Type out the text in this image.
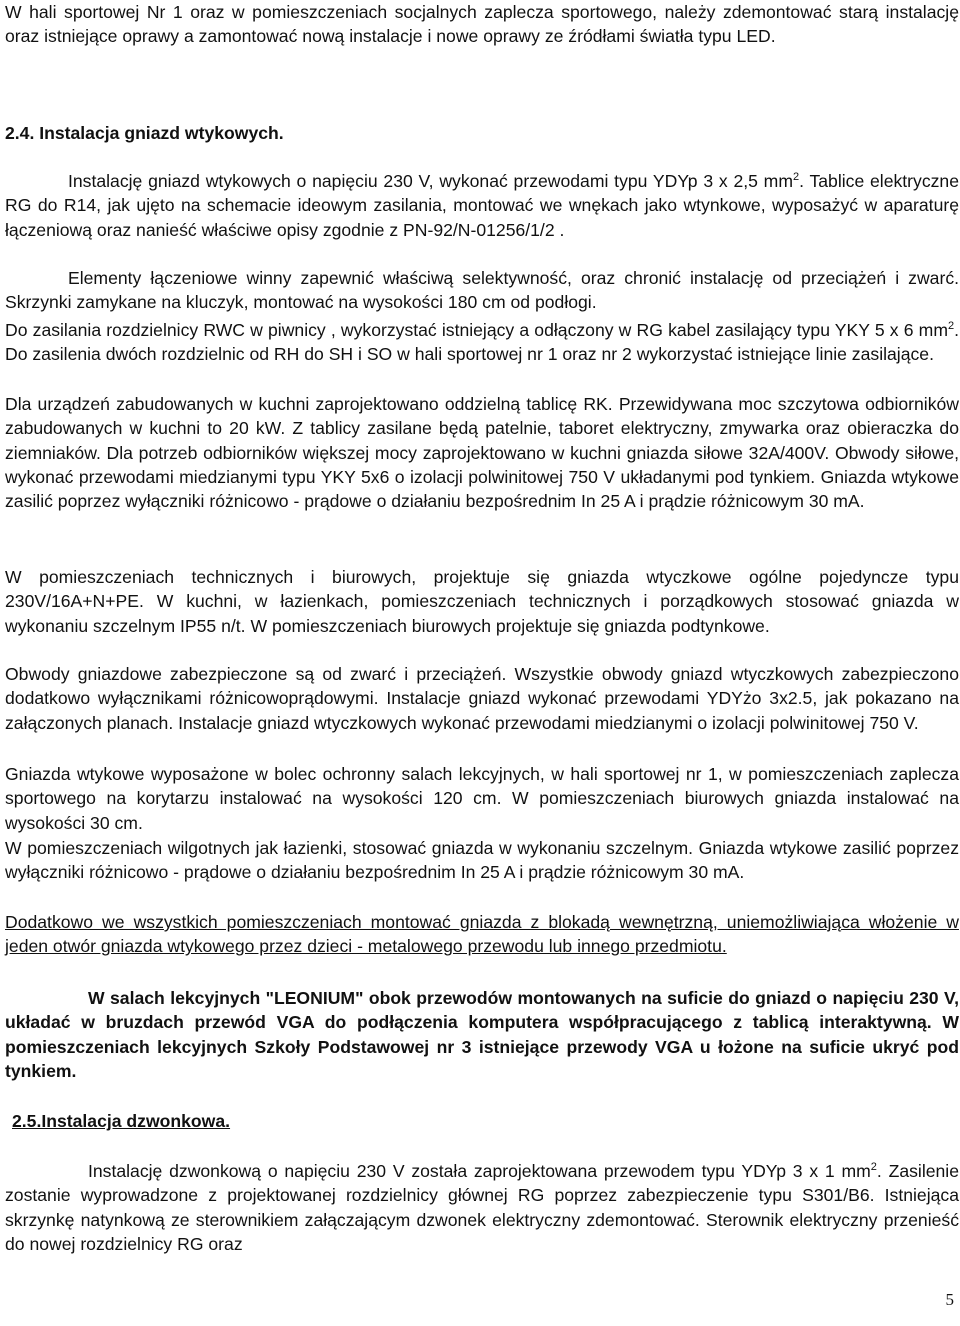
W hali sportowej Nr 1 oraz w pomieszczeniach socjalnych zaplecza sportowego, należy zdemontować starą instalację oraz istniejące oprawy a zamontować nową instalacje i nowe oprawy ze źródłami światła typu LED.

2.4. Instalacja gniazd wtykowych.

Instalację gniazd wtykowych o napięciu 230 V, wykonać przewodami typu YDYp 3 x 2,5 $mm^2$. Tablice elektryczne RG do R14, jak ujęto na schemacie ideowym zasilania, montować we wnękach jako wtynkowe, wyposażyć w aparaturę łączeniową oraz nanieść właściwe opisy zgodnie z PN-92/N-01256/1/2 .

Elementy łączeniowe winny zapewnić właściwą selektywność, oraz chronić instalację od przeciążeń i zwarć. Skrzynki zamykane na kluczyk, montować na wysokości 180 cm od podłogi.

Do zasilania rozdzielnicy RWC w piwnicy , wykorzystać istniejący a odłączony w RG kabel zasilający typu YKY 5 x 6 $mm^2$. Do zasilenia dwóch rozdzielnic od RH do SH i SO w hali sportowej nr 1 oraz nr 2 wykorzystać istniejące linie zasilające.

Dla urządzeń zabudowanych w kuchni zaprojektowano oddzielną tablicę RK. Przewidywana moc szczytowa odbiorników zabudowanych w kuchni to 20 kW. Z tablicy zasilane będą patelnie, taboret elektryczny, zmywarka oraz obieraczka do ziemniaków. Dla potrzeb odbiorników większej mocy zaprojektowano w kuchni gniazda siłowe 32A/400V. Obwody siłowe, wykonać przewodami miedzianymi typu YKY 5x6 o izolacji polwinitowej 750 V układanymi pod tynkiem. Gniazda wtykowe zasilić poprzez wyłączniki różnicowo - prądowe o działaniu bezpośrednim In 25 A i prądzie różnicowym 30 mA.

W pomieszczeniach technicznych i biurowych, projektuje się gniazda wtyczkowe ogólne pojedyncze typu 230V/16A+N+PE. W kuchni, w łazienkach, pomieszczeniach technicznych i porządkowych stosować gniazda w wykonaniu szczelnym IP55 n/t. W pomieszczeniach biurowych projektuje się gniazda podtynkowe.

Obwody gniazdowe zabezpieczone są od zwarć i przeciążeń. Wszystkie obwody gniazd wtyczkowych zabezpieczono dodatkowo wyłącznikami różnicowoprądowymi. Instalacje gniazd wykonać przewodami YDYżo 3x2.5, jak pokazano na załączonych planach. Instalacje gniazd wtyczkowych wykonać przewodami miedzianymi o izolacji polwinitowej 750 V.

Gniazda wtykowe wyposażone w bolec ochronny salach lekcyjnych, w hali sportowej nr 1, w pomieszczeniach zaplecza sportowego na korytarzu instalować na wysokości 120 cm. W pomieszczeniach biurowych gniazda instalować na wysokości 30 cm.

W pomieszczeniach wilgotnych jak łazienki, stosować gniazda w wykonaniu szczelnym. Gniazda wtykowe zasilić poprzez wyłączniki różnicowo - prądowe o działaniu bezpośrednim In 25 A i prądzie różnicowym 30 mA.

Dodatkowo we wszystkich pomieszczeniach montować gniazda z blokadą wewnętrzną, uniemożliwiająca włożenie w jeden otwór gniazda wtykowego przez dzieci - metalowego przewodu lub innego przedmiotu.

W salach lekcyjnych "LEONIUM" obok przewodów montowanych na suficie do gniazd o napięciu 230 V, układać w bruzdach przewód VGA do podłączenia komputera współpracującego z tablicą interaktywną. W pomieszczeniach lekcyjnych Szkoły Podstawowej nr 3 istniejące przewody VGA u łożone na suficie ukryć pod tynkiem.

2.5.Instalacja dzwonkowa.

Instalację dzwonkową o napięciu 230 V została zaprojektowana przewodem typu YDYp 3 x 1 $mm^2$. Zasilenie zostanie wyprowadzone z projektowanej rozdzielnicy głównej RG poprzez zabezpieczenie typu S301/B6. Istniejąca skrzynkę natynkową ze sterownikiem załączającym dzwonek elektryczny zdemontować. Sterownik elektryczny przenieść do nowej rozdzielnicy RG oraz

5
